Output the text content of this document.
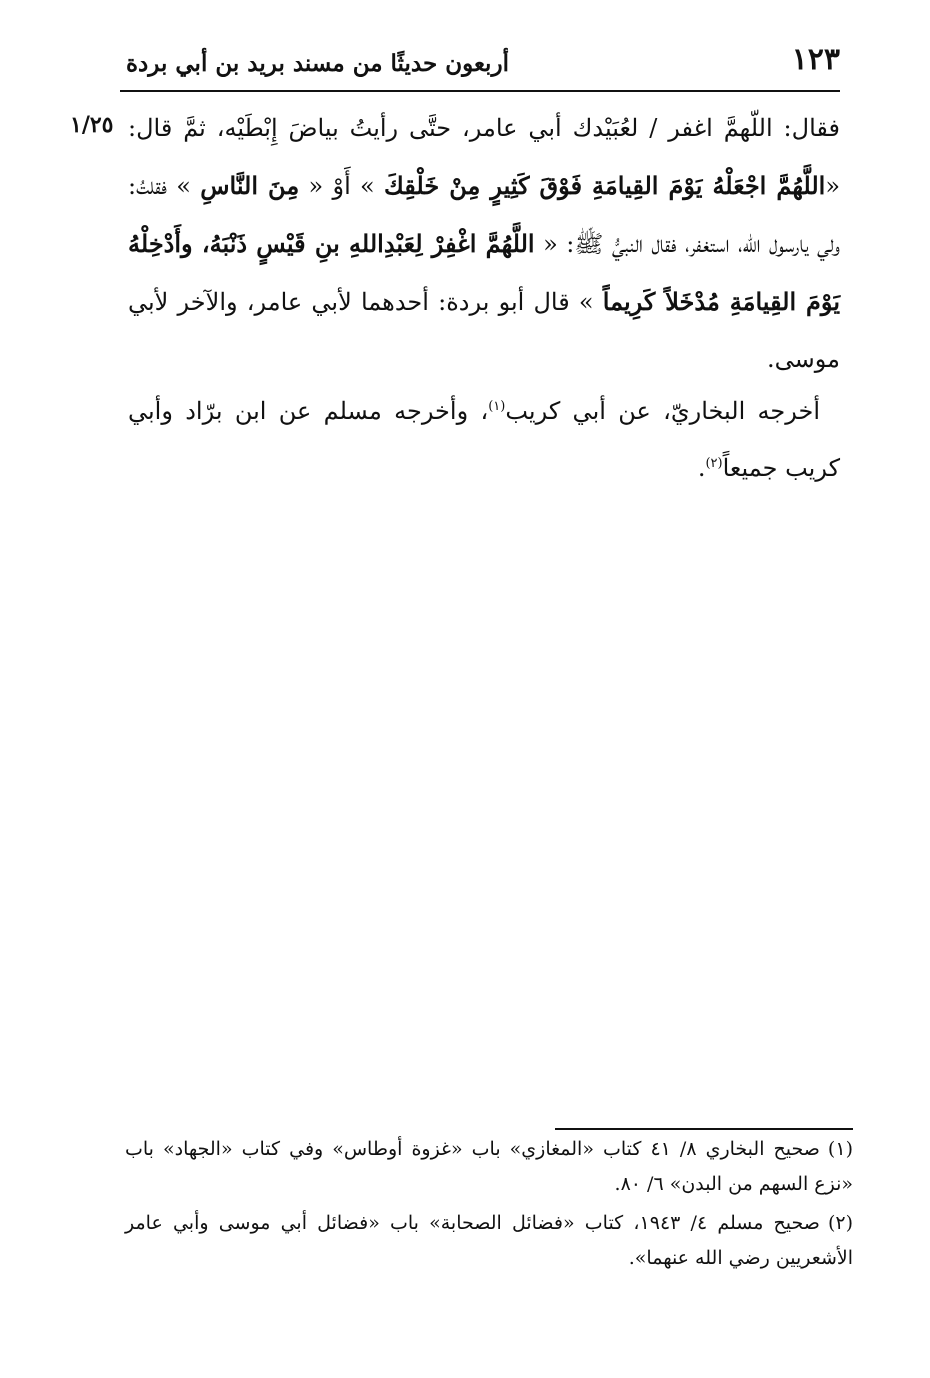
١٢٣
أربعون حديثًا من مسند بريد بن أبي بردة
١/٢٥ فقال: اللّهمَّ اغفر / لعُبَيْدك أبي عامر، حتَّى رأيتُ بياضَ إِبْطَيْه، ثمَّ قال: «اللَّهُمَّ اجْعَلْهُ يَوْمَ القِيامَةِ فَوْقَ كَثِيرٍ مِنْ خَلْقِكَ » أَوْ « مِنَ النَّاسِ » فقلتُ: ولي يارسول الله، استغفر، فقال النبيُّ ﷺ: « اللَّهُمَّ اغْفِرْ لِعَبْدِاللهِ بنِ قَيْسٍ ذَنْبَهُ، وأَدْخِلْهُ يَوْمَ القِيامَةِ مُدْخَلاً كَرِيماً » قال أبو بردة: أحدهما لأبي عامر، والآخر لأبي موسى.

أخرجه البخاريّ، عن أبي كريب$^{(١)}$، وأخرجه مسلم عن ابن برّاد وأبي كريب جميعاً$^{(٢)}$.

(١)صحيح البخاري ٨/ ٤١ كتاب «المغازي» باب «غزوة أوطاس» وفي كتاب «الجهاد» باب «نزع السهم من البدن» ٦/ ٨٠.

(٢)صحيح مسلم ٤/ ١٩٤٣، كتاب «فضائل الصحابة» باب «فضائل أبي موسى وأبي عامر الأشعريين رضي الله عنهما».
